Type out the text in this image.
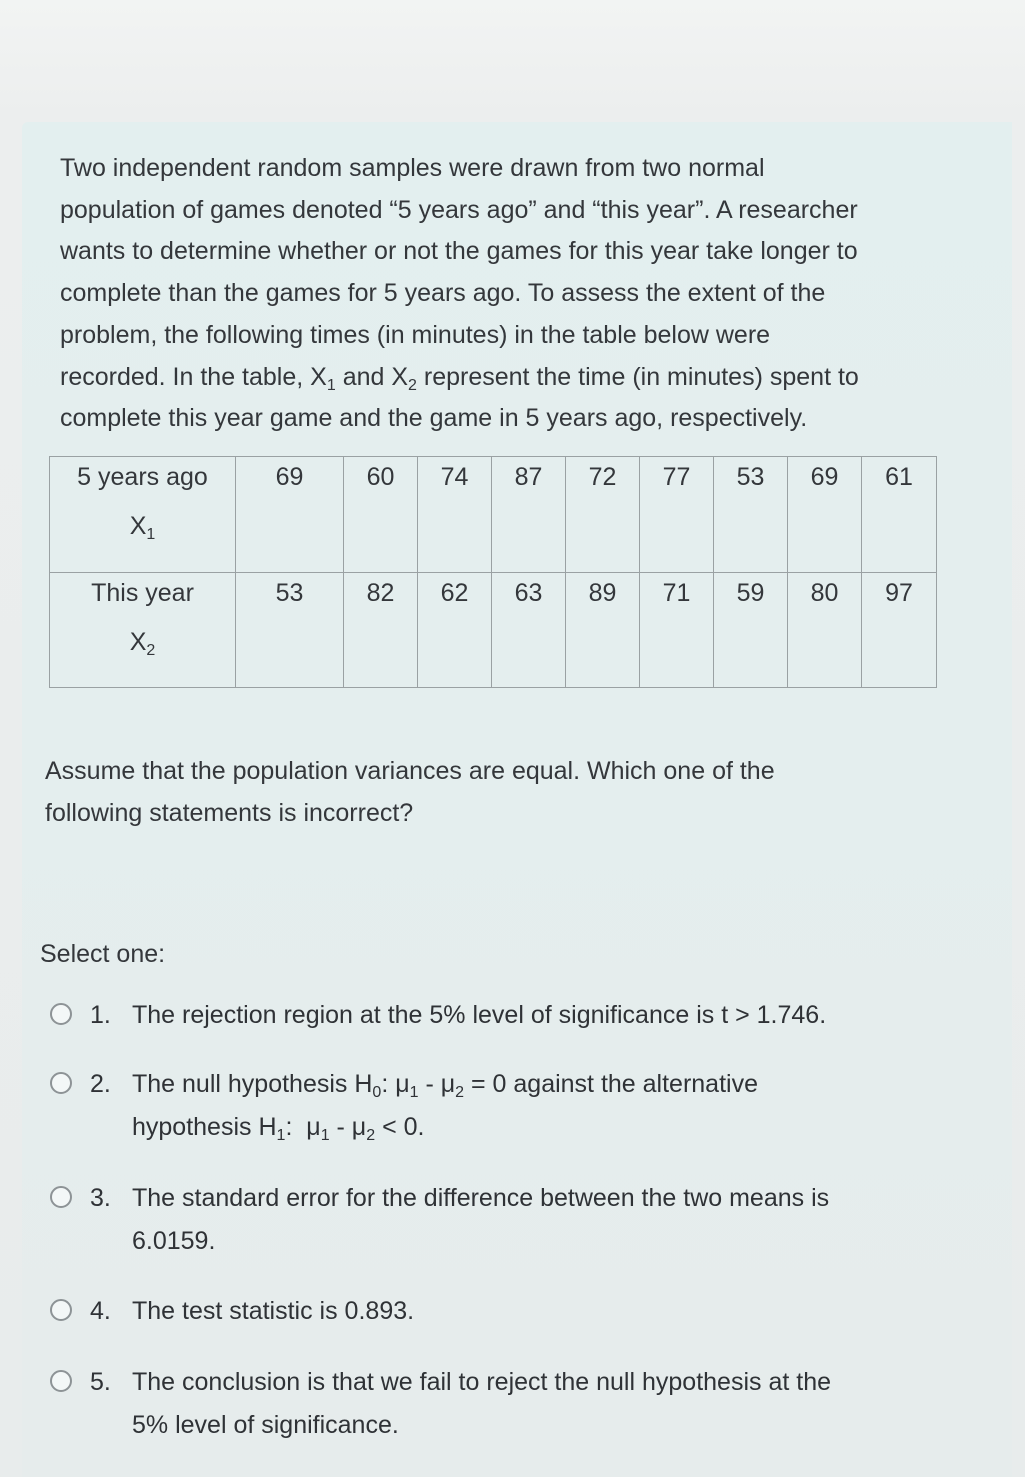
Two independent random samples were drawn from two normal

population of games denoted “5 years ago” and “this year”. A researcher

wants to determine whether or not the games for this year take longer to

complete than the games for 5 years ago. To assess the extent of the

problem, the following times (in minutes) in the table below were

recorded. In the table, $X_1$ and $X_2$ represent the time (in minutes) spent to

complete this year game and the game in 5 years ago, respectively.

5 years ago
$X_1$	69	60	74	87	72	77	53	69	61
This year
$X_2$	53	82	62	63	89	71	59	80	97
Assume that the population variances are equal. Which one of the
following statements is incorrect?
Select one:
1. The rejection region at the 5% level of significance is t > 1.746.
2. The null hypothesis $H_0$: $\mu_1 - \mu_2 = 0$ against the alternative
hypothesis $H_1$:  $\mu_1 - \mu_2 < 0$.
3. The standard error for the difference between the two means is
6.0159.
4. The test statistic is 0.893.
5. The conclusion is that we fail to reject the null hypothesis at the
5% level of significance.
